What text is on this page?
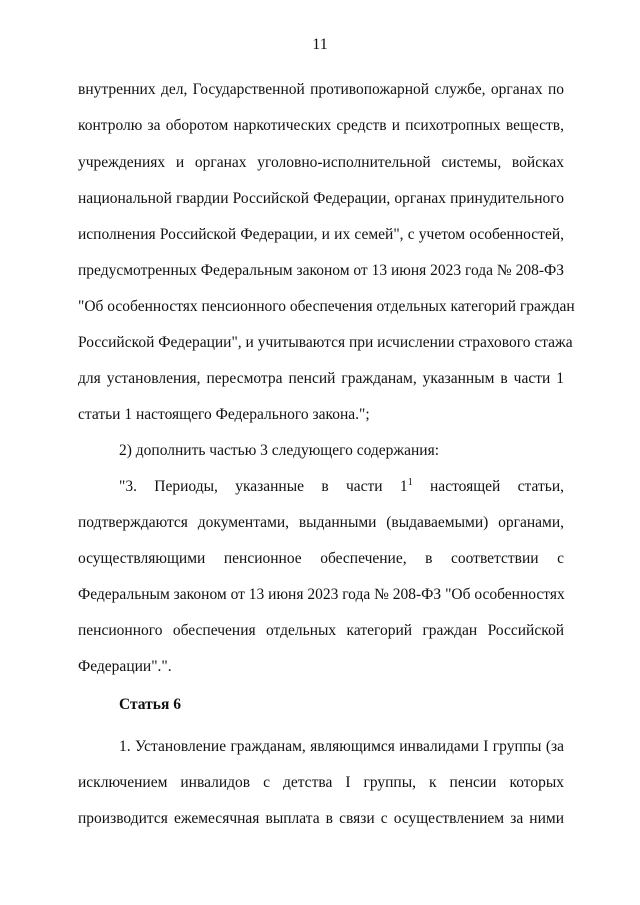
11
внутренних дел, Государственной противопожарной службе, органах по
контролю за оборотом наркотических средств и психотропных веществ,
учреждениях и органах уголовно-исполнительной системы, войсках
национальной гвардии Российской Федерации, органах принудительного
исполнения Российской Федерации, и их семей", с учетом особенностей,
предусмотренных Федеральным законом от 13 июня 2023 года № 208-ФЗ
"Об особенностях пенсионного обеспечения отдельных категорий граждан
Российской Федерации", и учитываются при исчислении страхового стажа
для установления, пересмотра пенсий гражданам, указанным в части 1
статьи 1 настоящего Федерального закона.";
2) дополнить частью 3 следующего содержания:
"3. Периоды, указанные в части $1^1$ настоящей статьи,
подтверждаются документами, выданными (выдаваемыми) органами,
осуществляющими пенсионное обеспечение, в соответствии с
Федеральным законом от 13 июня 2023 года № 208-ФЗ "Об особенностях
пенсионного обеспечения отдельных категорий граждан Российской
Федерации".".
Статья 6
1. Установление гражданам, являющимся инвалидами I группы (за
исключением инвалидов с детства I группы, к пенсии которых
производится ежемесячная выплата в связи с осуществлением за ними
